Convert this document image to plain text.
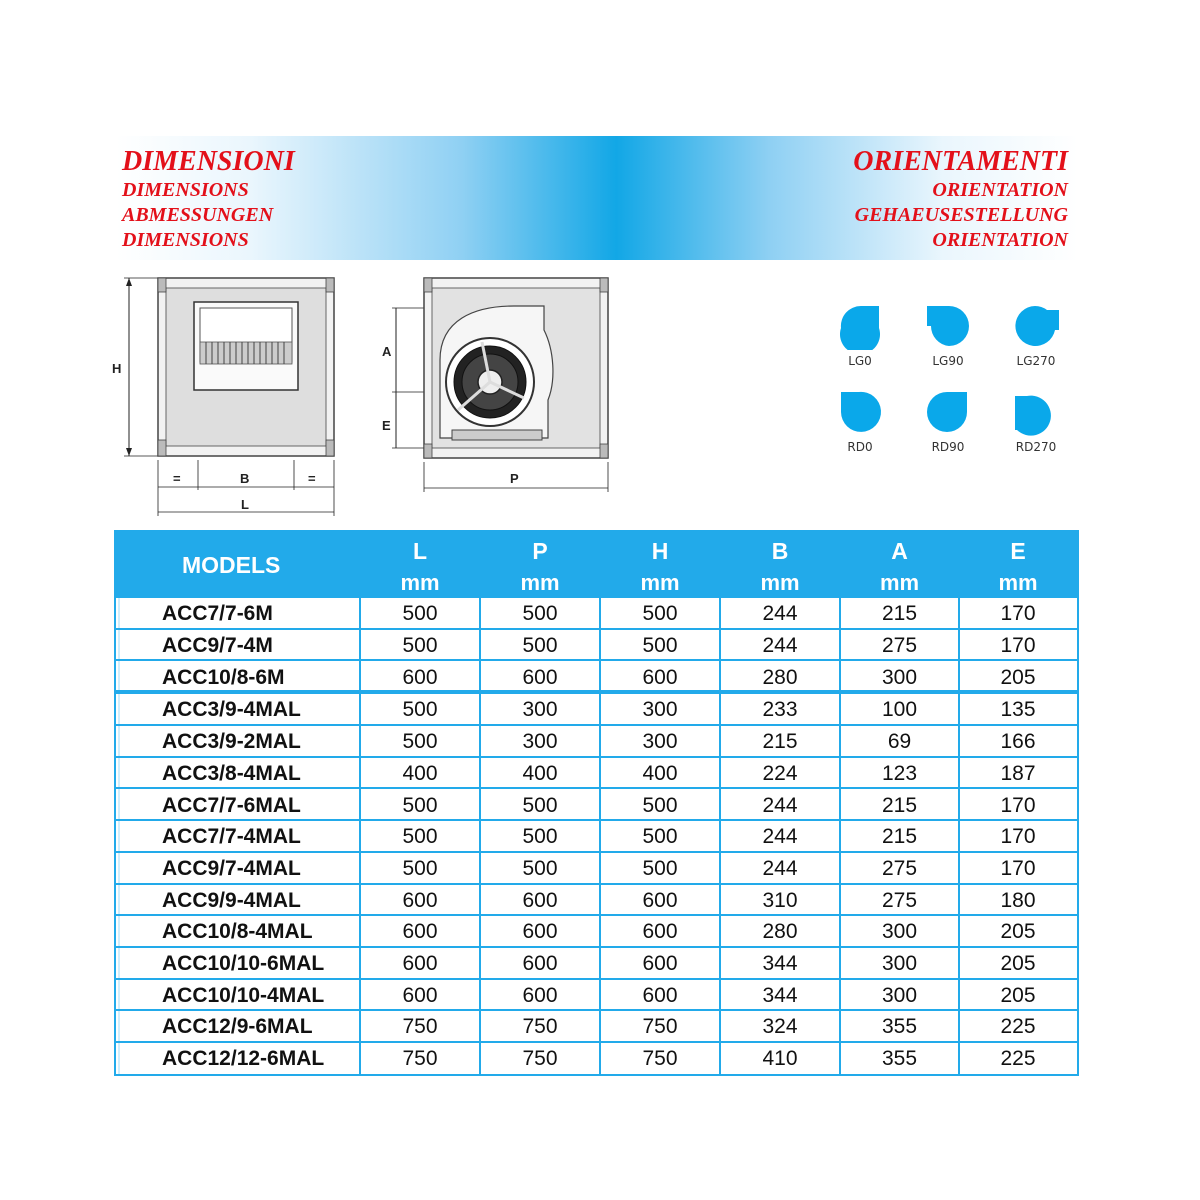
DIMENSIONI
DIMENSIONS
ABMESSUNGEN
DIMENSIONS
ORIENTAMENTI
ORIENTATION
GEHAEUSESTELLUNG
ORIENTATION
H
=	B	=
L
A
E
P
LG0	LG90	LG270
RD0	RD90	RD270
MODELS
L
mm
P
mm
H
mm
B
mm
A
mm
E
mm
ACC7/7-6M	500	500	500	244	215	170
ACC9/7-4M	500	500	500	244	275	170
ACC10/8-6M	600	600	600	280	300	205
ACC3/9-4MAL	500	300	300	233	100	135
ACC3/9-2MAL	500	300	300	215	69	166
ACC3/8-4MAL	400	400	400	224	123	187
ACC7/7-6MAL	500	500	500	244	215	170
ACC7/7-4MAL	500	500	500	244	215	170
ACC9/7-4MAL	500	500	500	244	275	170
ACC9/9-4MAL	600	600	600	310	275	180
ACC10/8-4MAL	600	600	600	280	300	205
ACC10/10-6MAL	600	600	600	344	300	205
ACC10/10-4MAL	600	600	600	344	300	205
ACC12/9-6MAL	750	750	750	324	355	225
ACC12/12-6MAL	750	750	750	410	355	225
